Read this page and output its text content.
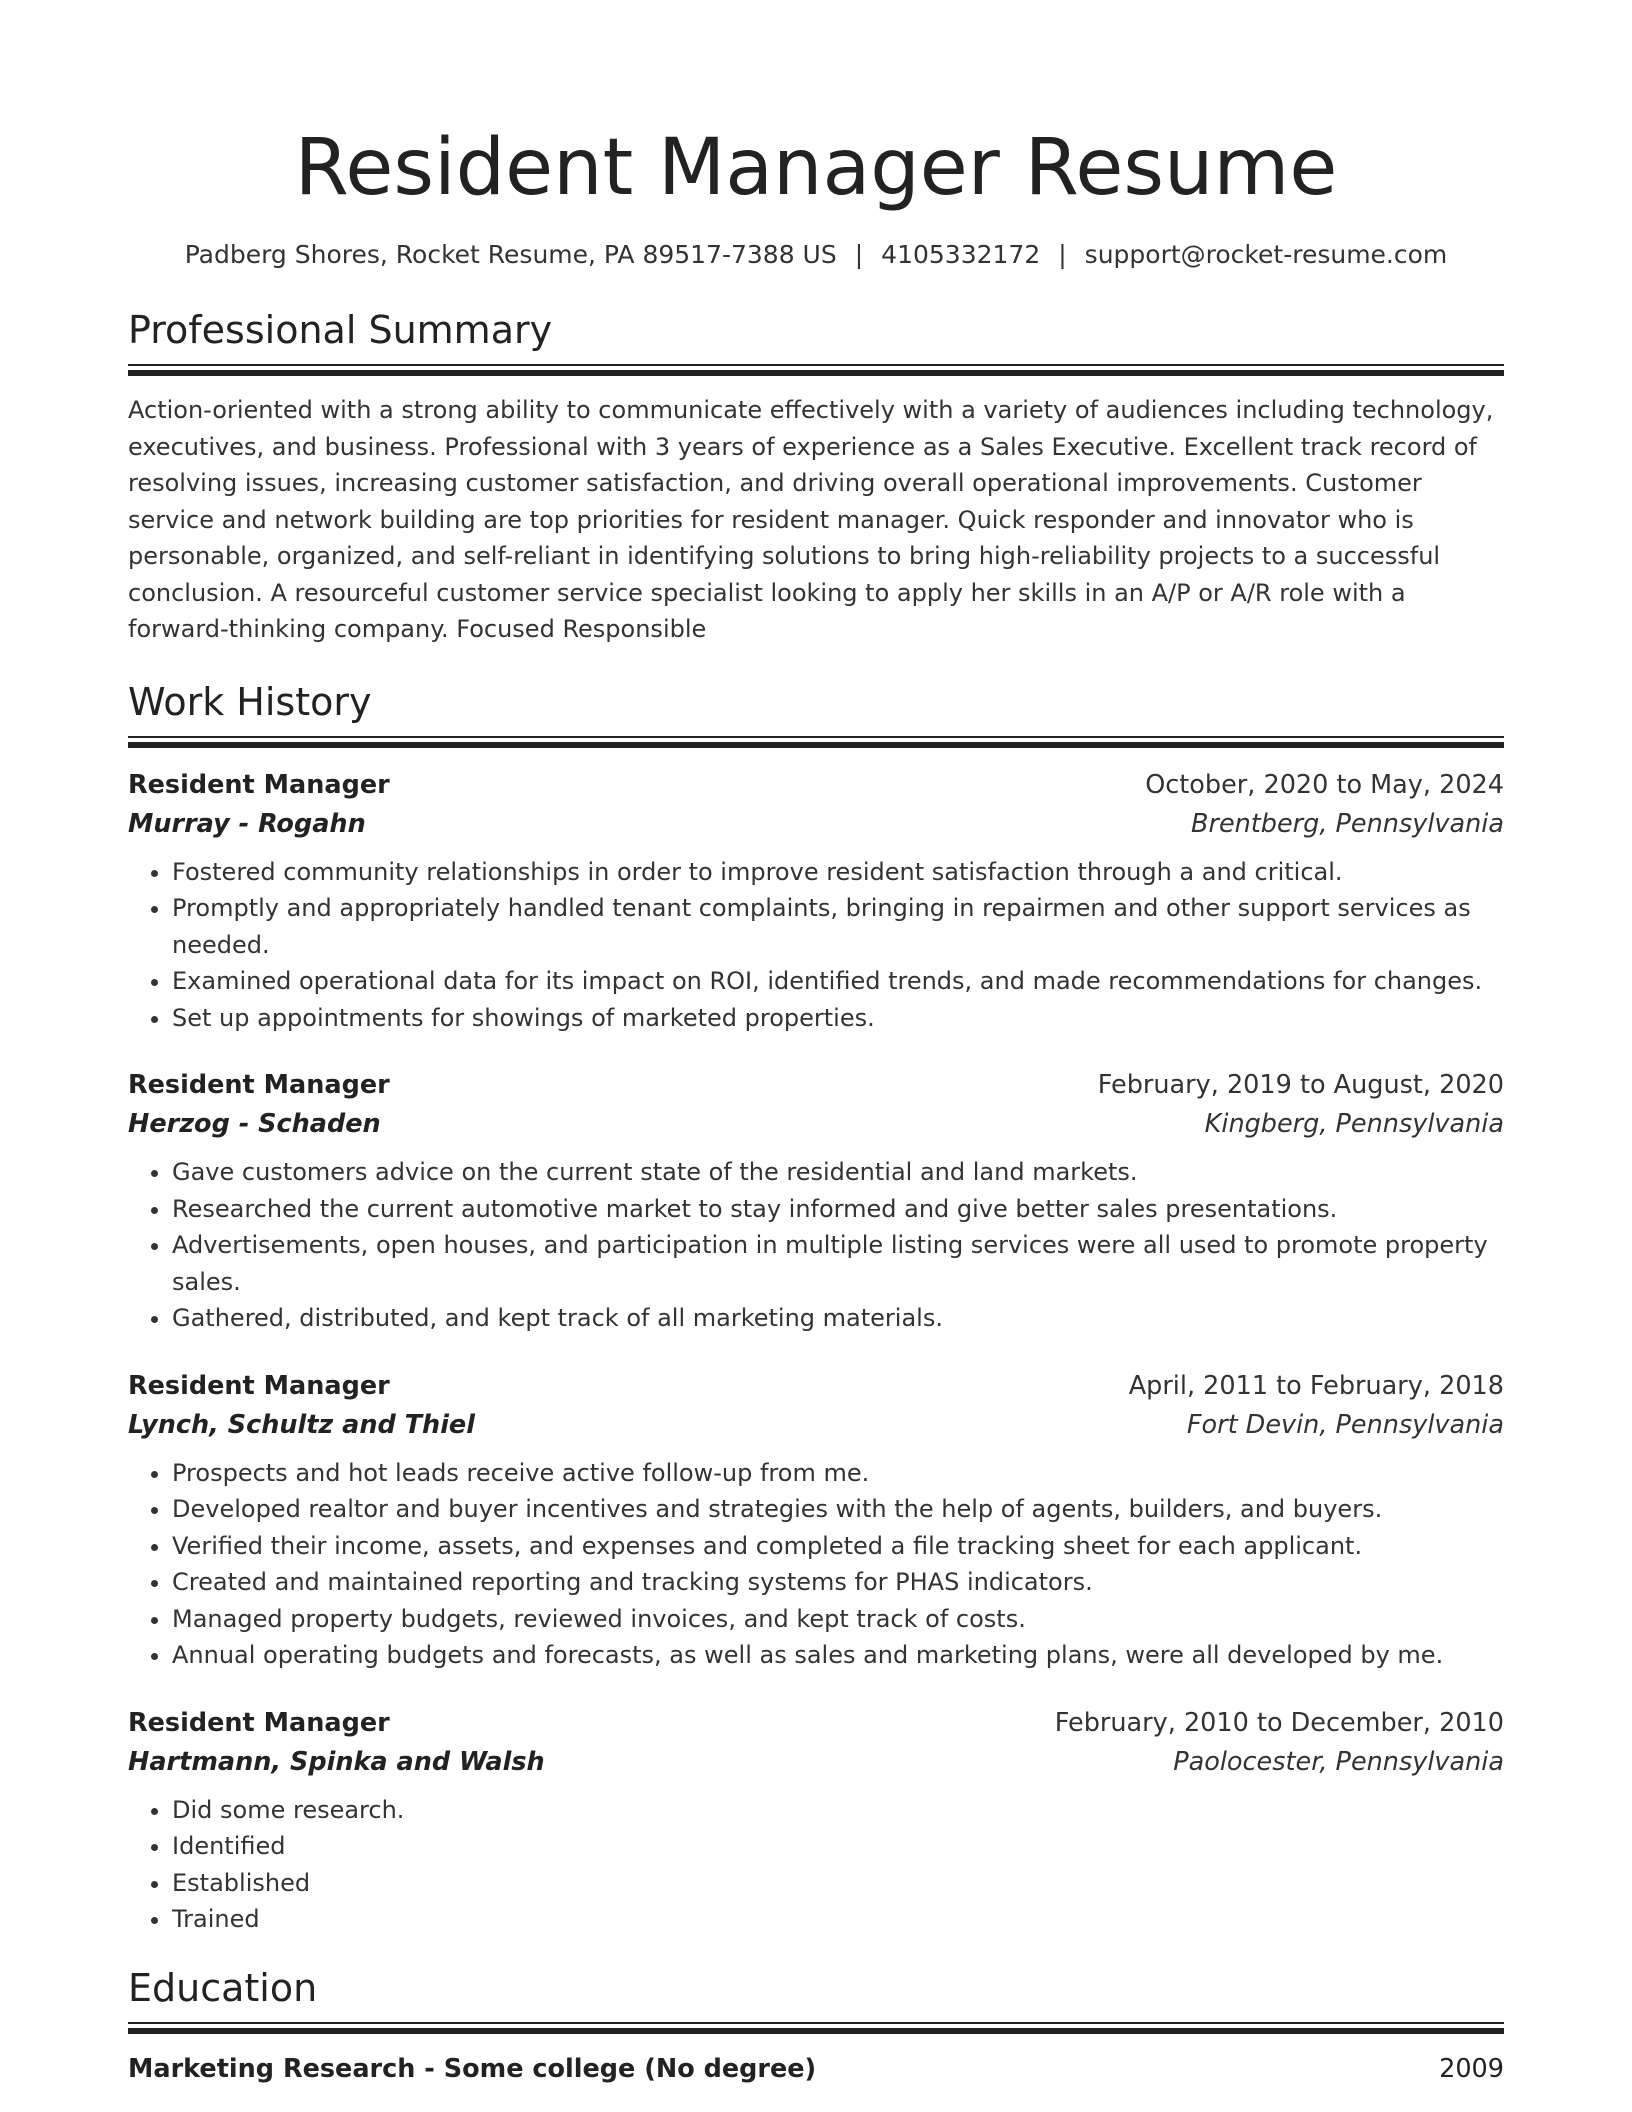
Resident Manager Resume
Padberg Shores, Rocket Resume, PA 89517-7388 US | 4105332172 | support@rocket-resume.com
Professional Summary
Action-oriented with a strong ability to communicate effectively with a variety of audiences including technology, executives, and business. Professional with 3 years of experience as a Sales Executive. Excellent track record of resolving issues, increasing customer satisfaction, and driving overall operational improvements. Customer service and network building are top priorities for resident manager. Quick responder and innovator who is personable, organized, and self-reliant in identifying solutions to bring high-reliability projects to a successful conclusion. A resourceful customer service specialist looking to apply her skills in an A/P or A/R role with a forward-thinking company. Focused Responsible
Work History
Resident Manager	October, 2020 to May, 2024
Murray - Rogahn	Brentberg, Pennsylvania
• Fostered community relationships in order to improve resident satisfaction through a and critical.
• Promptly and appropriately handled tenant complaints, bringing in repairmen and other support services as needed.
• Examined operational data for its impact on ROI, identified trends, and made recommendations for changes.
• Set up appointments for showings of marketed properties.
Resident Manager	February, 2019 to August, 2020
Herzog - Schaden	Kingberg, Pennsylvania
• Gave customers advice on the current state of the residential and land markets.
• Researched the current automotive market to stay informed and give better sales presentations.
• Advertisements, open houses, and participation in multiple listing services were all used to promote property sales.
• Gathered, distributed, and kept track of all marketing materials.
Resident Manager	April, 2011 to February, 2018
Lynch, Schultz and Thiel	Fort Devin, Pennsylvania
• Prospects and hot leads receive active follow-up from me.
• Developed realtor and buyer incentives and strategies with the help of agents, builders, and buyers.
• Verified their income, assets, and expenses and completed a file tracking sheet for each applicant.
• Created and maintained reporting and tracking systems for PHAS indicators.
• Managed property budgets, reviewed invoices, and kept track of costs.
• Annual operating budgets and forecasts, as well as sales and marketing plans, were all developed by me.
Resident Manager	February, 2010 to December, 2010
Hartmann, Spinka and Walsh	Paolocester, Pennsylvania
• Did some research.
• Identified
• Established
• Trained
Education
Marketing Research - Some college (No degree)	2009
